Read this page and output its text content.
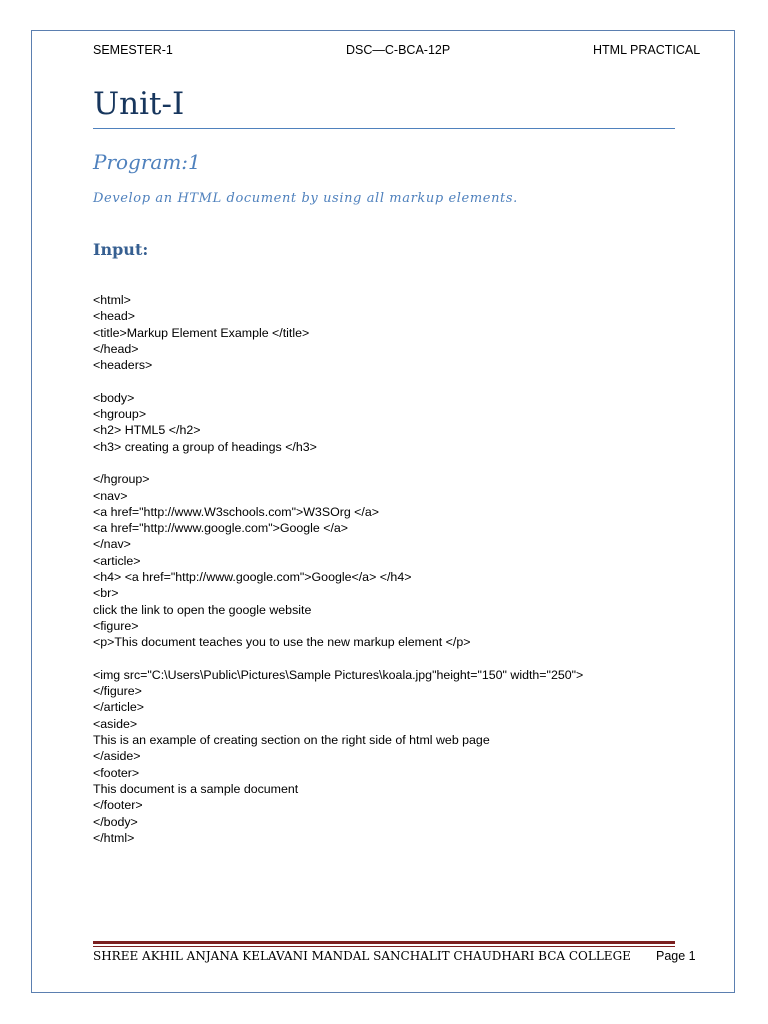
SEMESTER-1	DSC—C-BCA-12P	HTML PRACTICAL
Unit-I
Program:1
Develop an HTML document by using all markup elements.
Input:
<html>
<head>
<title>Markup Element Example </title>
</head>
<headers>
<body>
<hgroup>
<h2> HTML5 </h2>
<h3> creating a group of headings </h3>
</hgroup>
<nav>
<a href="http://www.W3schools.com">W3SOrg </a>
<a href="http://www.google.com">Google </a>
</nav>
<article>
<h4> <a href="http://www.google.com">Google</a> </h4>
<br>
click the link to open the google website
<figure>
<p>This document teaches you to use the new markup element </p>
<img src="C:\Users\Public\Pictures\Sample Pictures\koala.jpg"height="150" width="250">
</figure>
</article>
<aside>
This is an example of creating section on the right side of html web page
</aside>
<footer>
This document is a sample document
</footer>
</body>
</html>
SHREE AKHIL ANJANA KELAVANI MANDAL SANCHALIT CHAUDHARI BCA COLLEGE Page 1
